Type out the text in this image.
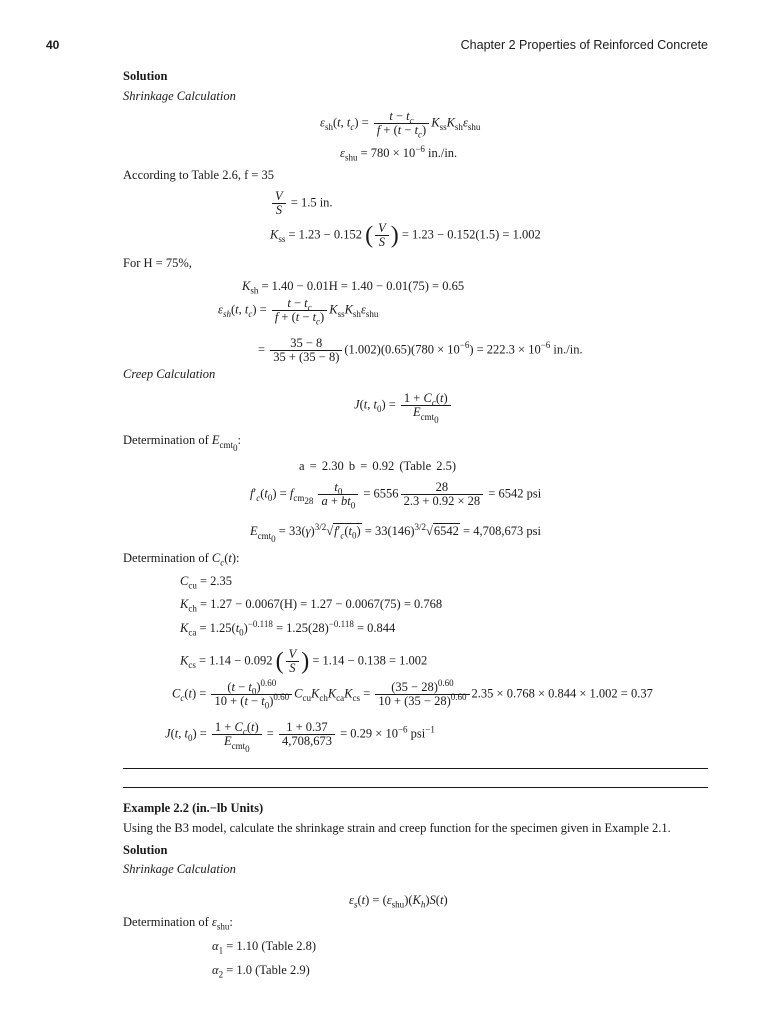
40	Chapter 2 Properties of Reinforced Concrete
Solution
Shrinkage Calculation
$\varepsilon_{sh}(t$, $t_c) = \frac{t - t_c}{f + (t - t_c)} K_{ss}K_{sh}\varepsilon_{shu}$
$\varepsilon_{shu} = 780 \times 10^{-6}$ in./in.
According to Table 2.6, f = 35
$\frac{V}{S} = 1.5$ in.
$K_{ss} = 1.23 - 0.152$ ( $\frac{V}{S}$ ) = 1.23 − 0.152(1.5) = 1.002
For H = 75%,
$K_{sh} = 1.40 - 0.01H = 1.40 - 0.01(75) = 0.65$
$\varepsilon_{sh}(t$, $t_c) = \frac{t - t_c}{f + (t - t_c)} K_{ss}K_{sh}\varepsilon_{shu}$
= $\frac{35 - 8}{35 + (35 - 8)} (1.002)(0.65)(780 \times 10^{-6}) = 222.3 \times 10^{-6}$ in./in.
Creep Calculation
J(t, $t_0) = \frac{1 + C_c(t)}{E_{cmt_0}}$
Determination of $E_{cmt_0}$:
a = 2.30 b = 0.92 (Table 2.5)
$f'_c(t_0) = f_{cm_{28}} \frac{t_0}{a + bt_0} = 6556 \frac{28}{2.3 + 0.92 \times 28} = 6542$ psi
$E_{cmt_0} = 33(\gamma)^{3/2}√f'_c(t_0) = 33(146)^{3/2}√6542 = 4,708,673$ psi
Determination of $C_c(t)$:
$C_{cu} = 2.35$
$K_{ch} = 1.27 - 0.0067(H) = 1.27 - 0.0067(75) = 0.768$
$K_{ca} = 1.25(t_0)^{-0.118} = 1.25(28)^{-0.118} = 0.844$
$K_{cs} = 1.14 - 0.092$ ( $\frac{V}{S}$ ) = 1.14 − 0.138 = 1.002
$C_c(t) = \frac{(t - t_0)^{0.60}}{10 + (t - t_0)^{0.60}} C_{cu}K_{ch}K_{ca}K_{cs} = \frac{(35 - 28)^{0.60}}{10 + (35 - 28)^{0.60}} 2.35 \times 0.768 \times 0.844 \times 1.002 = 0.37$
J(t, $t_0) = \frac{1 + C_c(t)}{E_{cmt_0}} = \frac{1 + 0.37}{4,708,673} = 0.29 \times 10^{-6}$ psi$^{-1}$
Example 2.2 (in.−lb Units)
Using the B3 model, calculate the shrinkage strain and creep function for the specimen given in Example 2.1.
Solution
Shrinkage Calculation
$\varepsilon_s(t) = (\varepsilon_{shu})(K_h)S(t)$
Determination of $\varepsilon_{shu}$:
$\alpha_1 = 1.10$ (Table 2.8)
$\alpha_2 = 1.0$ (Table 2.9)
